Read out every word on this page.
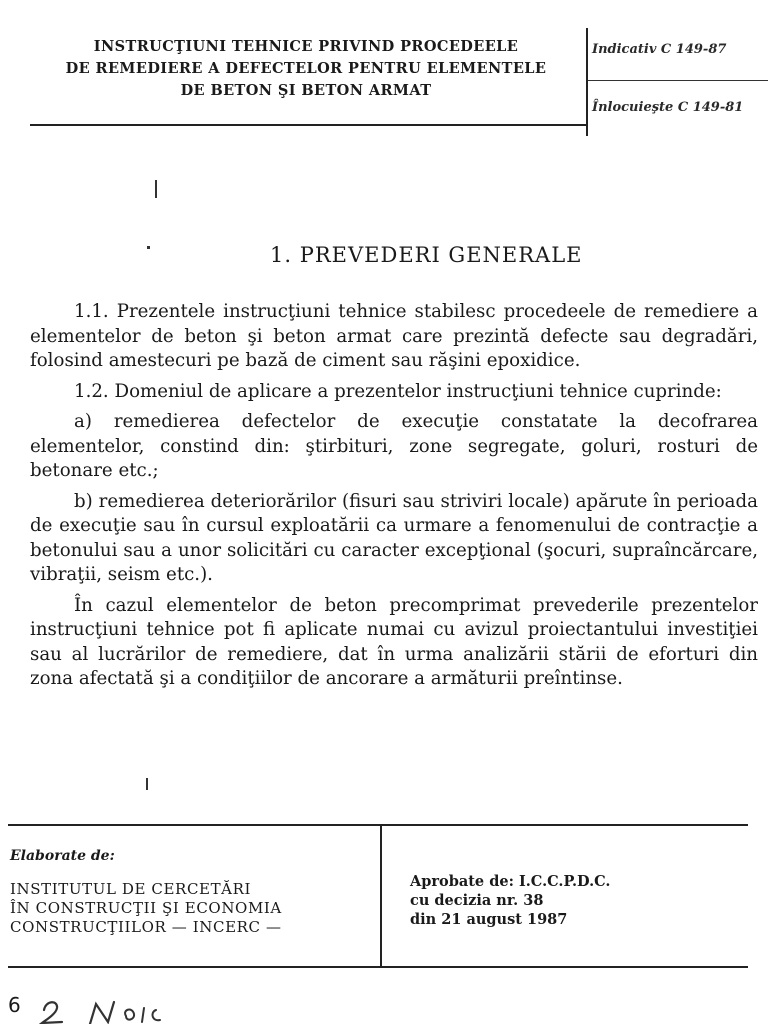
INSTRUCŢIUNI TEHNICE PRIVIND PROCEDEELE
DE REMEDIERE A DEFECTELOR PENTRU ELEMENTELE
DE BETON ŞI BETON ARMAT
Indicativ C 149-87
Înlocuieşte C 149-81
1. PREVEDERI GENERALE

1.1. Prezentele instrucţiuni tehnice stabilesc procedeele de remediere a elementelor de beton şi beton armat care prezintă defecte sau degradări, folosind amestecuri pe bază de ciment sau răşini epoxidice.

1.2. Domeniul de aplicare a prezentelor instrucţiuni tehnice cuprinde:

a) remedierea defectelor de execuţie constatate la decofrarea elementelor, constind din: ştirbituri, zone segregate, goluri, rosturi de betonare etc.;

b) remedierea deteriorărilor (fisuri sau striviri locale) apărute în perioada de execuţie sau în cursul exploatării ca urmare a fenomenului de contracţie a betonului sau a unor solicitări cu caracter excepţional (şocuri, supraîncărcare, vibraţii, seism etc.).

În cazul elementelor de beton precomprimat prevederile prezentelor instrucţiuni tehnice pot fi aplicate numai cu avizul proiectantului investiţiei sau al lucrărilor de remediere, dat în urma analizării stării de eforturi din zona afectată şi a condiţiilor de ancorare a armăturii preîntinse.

Elaborate de:
INSTITUTUL DE CERCETĂRI
ÎN CONSTRUCŢII ŞI ECONOMIA
CONSTRUCŢIILOR — INCERC —
Aprobate de: I.C.C.P.D.C.
cu decizia nr. 38
din 21 august 1987
6
